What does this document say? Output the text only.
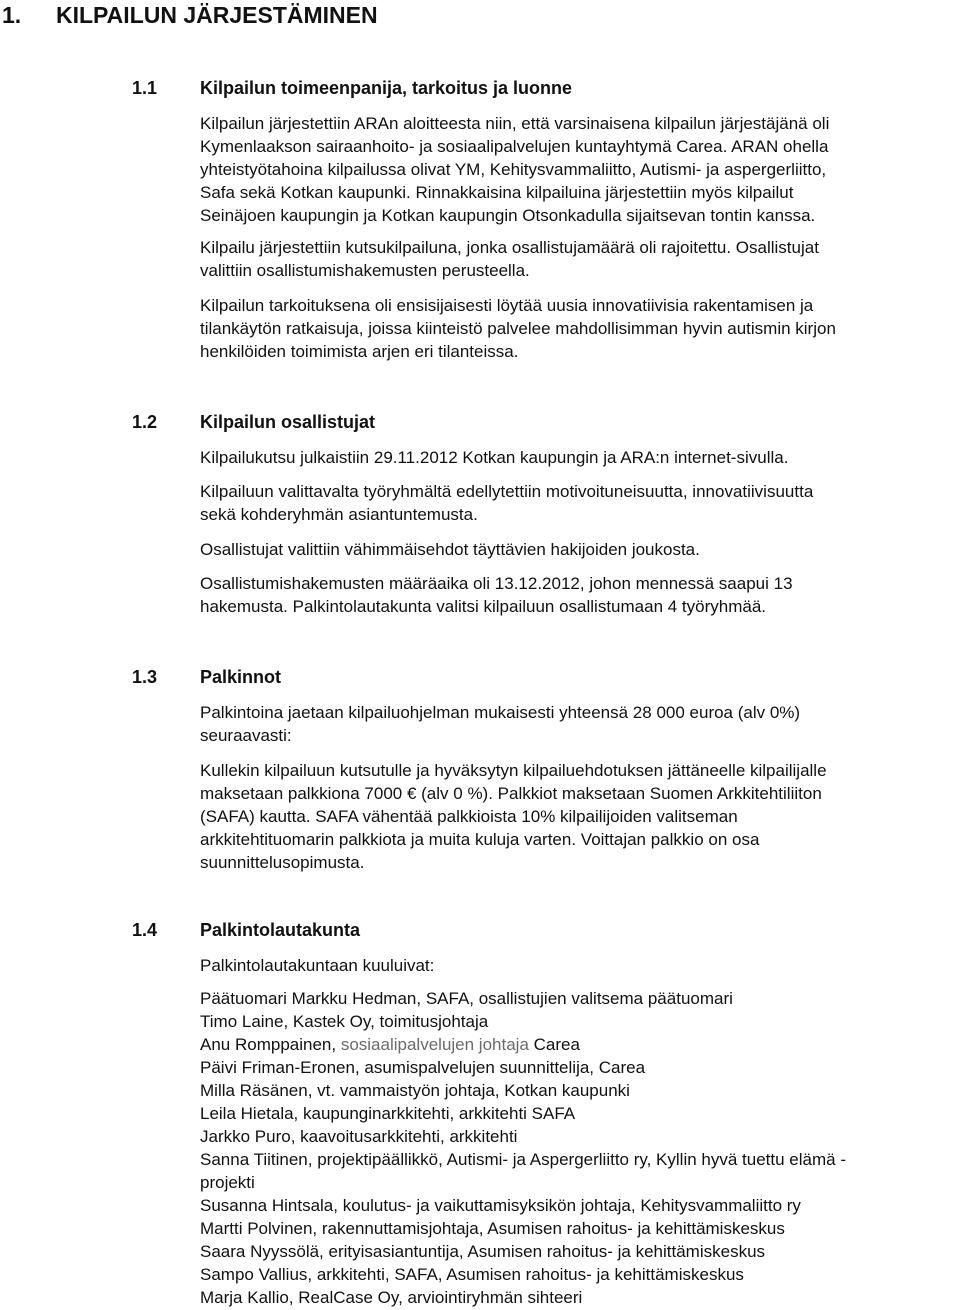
1. KILPAILUN JÄRJESTÄMINEN
1.1 Kilpailun toimeenpanija, tarkoitus ja luonne
Kilpailun järjestettiin ARAn aloitteesta niin, että varsinaisena kilpailun järjestäjänä oli
Kymenlaakson sairaanhoito- ja sosiaalipalvelujen kuntayhtymä Carea. ARAN ohella
yhteistyötahoina kilpailussa olivat YM, Kehitysvammaliitto, Autismi- ja aspergerliitto,
Safa sekä Kotkan kaupunki. Rinnakkaisina kilpailuina järjestettiin myös kilpailut
Seinäjoen kaupungin ja Kotkan kaupungin Otsonkadulla sijaitsevan tontin kanssa.
Kilpailu järjestettiin kutsukilpailuna, jonka osallistujamäärä oli rajoitettu. Osallistujat
valittiin osallistumishakemusten perusteella.
Kilpailun tarkoituksena oli ensisijaisesti löytää uusia innovatiivisia rakentamisen ja
tilankäytön ratkaisuja, joissa kiinteistö palvelee mahdollisimman hyvin autismin kirjon
henkilöiden toimimista arjen eri tilanteissa.
1.2 Kilpailun osallistujat
Kilpailukutsu julkaistiin 29.11.2012 Kotkan kaupungin ja ARA:n internet-sivulla.
Kilpailuun valittavalta työryhmältä edellytettiin motivoituneisuutta, innovatiivisuutta
sekä kohderyhmän asiantuntemusta.
Osallistujat valittiin vähimmäisehdot täyttävien hakijoiden joukosta.
Osallistumishakemusten määräaika oli 13.12.2012, johon mennessä saapui 13
hakemusta. Palkintolautakunta valitsi kilpailuun osallistumaan 4 työryhmää.
1.3 Palkinnot
Palkintoina jaetaan kilpailuohjelman mukaisesti yhteensä 28 000 euroa (alv 0%)
seuraavasti:
Kullekin kilpailuun kutsutulle ja hyväksytyn kilpailuehdotuksen jättäneelle kilpailijalle
maksetaan palkkiona 7000 € (alv 0 %). Palkkiot maksetaan Suomen Arkkitehtiliiton
(SAFA) kautta. SAFA vähentää palkkioista 10% kilpailijoiden valitseman
arkkitehtituomarin palkkiota ja muita kuluja varten. Voittajan palkkio on osa
suunnittelusopimusta.
1.4 Palkintolautakunta
Palkintolautakuntaan kuuluivat:
Päätuomari Markku Hedman, SAFA, osallistujien valitsema päätuomari
Timo Laine, Kastek Oy, toimitusjohtaja
Anu Romppainen, sosiaalipalvelujen johtaja Carea
Päivi Friman-Eronen, asumispalvelujen suunnittelija, Carea
Milla Räsänen, vt. vammaistyön johtaja, Kotkan kaupunki
Leila Hietala, kaupunginarkkitehti, arkkitehti SAFA
Jarkko Puro, kaavoitusarkkitehti, arkkitehti
Sanna Tiitinen, projektipäällikkö, Autismi- ja Aspergerliitto ry, Kyllin hyvä tuettu elämä -
projekti
Susanna Hintsala, koulutus- ja vaikuttamisyksikön johtaja, Kehitysvammaliitto ry
Martti Polvinen, rakennuttamisjohtaja, Asumisen rahoitus- ja kehittämiskeskus
Saara Nyyssölä, erityisasiantuntija, Asumisen rahoitus- ja kehittämiskeskus
Sampo Vallius, arkkitehti, SAFA, Asumisen rahoitus- ja kehittämiskeskus
Marja Kallio, RealCase Oy, arviointiryhmän sihteeri
